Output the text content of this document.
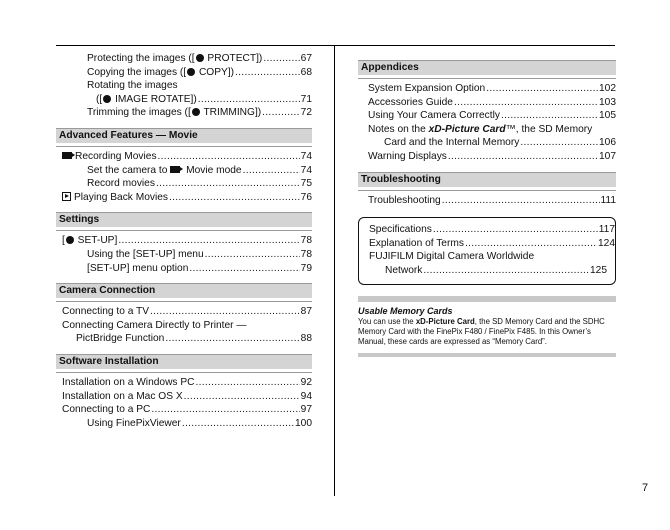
Protecting the images ([ PROTECT]) .....	67
Copying the images ([ COPY]) .....	68
Rotating the images
([ IMAGE ROTATE]) .....	71
Trimming the images ([ TRIMMING]) .....	72
Advanced Features — Movie
Recording Movies .....	74
Set the camera to  Movie mode .....	74
Record movies .....	75
Playing Back Movies .....	76
Settings
[ SET-UP] .....	78
Using the [SET-UP] menu .....	78
[SET-UP] menu option .....	79
Camera Connection
Connecting to a TV .....	87
Connecting Camera Directly to Printer —
PictBridge Function .....	88
Software Installation
Installation on a Windows PC .....	92
Installation on a Mac OS X .....	94
Connecting to a PC .....	97
Using FinePixViewer .....	100
Appendices
System Expansion Option .....	102
Accessories Guide .....	103
Using Your Camera Correctly .....	105
Notes on the xD-Picture Card™, the SD Memory
Card and the Internal Memory .....	106
Warning Displays .....	107
Troubleshooting
Troubleshooting .....	111
Specifications .....	117
Explanation of Terms .....	124
FUJIFILM Digital Camera Worldwide
Network .....	125
Usable Memory Cards
You can use the xD-Picture Card, the SD Memory Card and the SDHC Memory Card with the FinePix F480 / FinePix F485. In this Owner’s Manual, these cards are expressed as “Memory Card”.
7
